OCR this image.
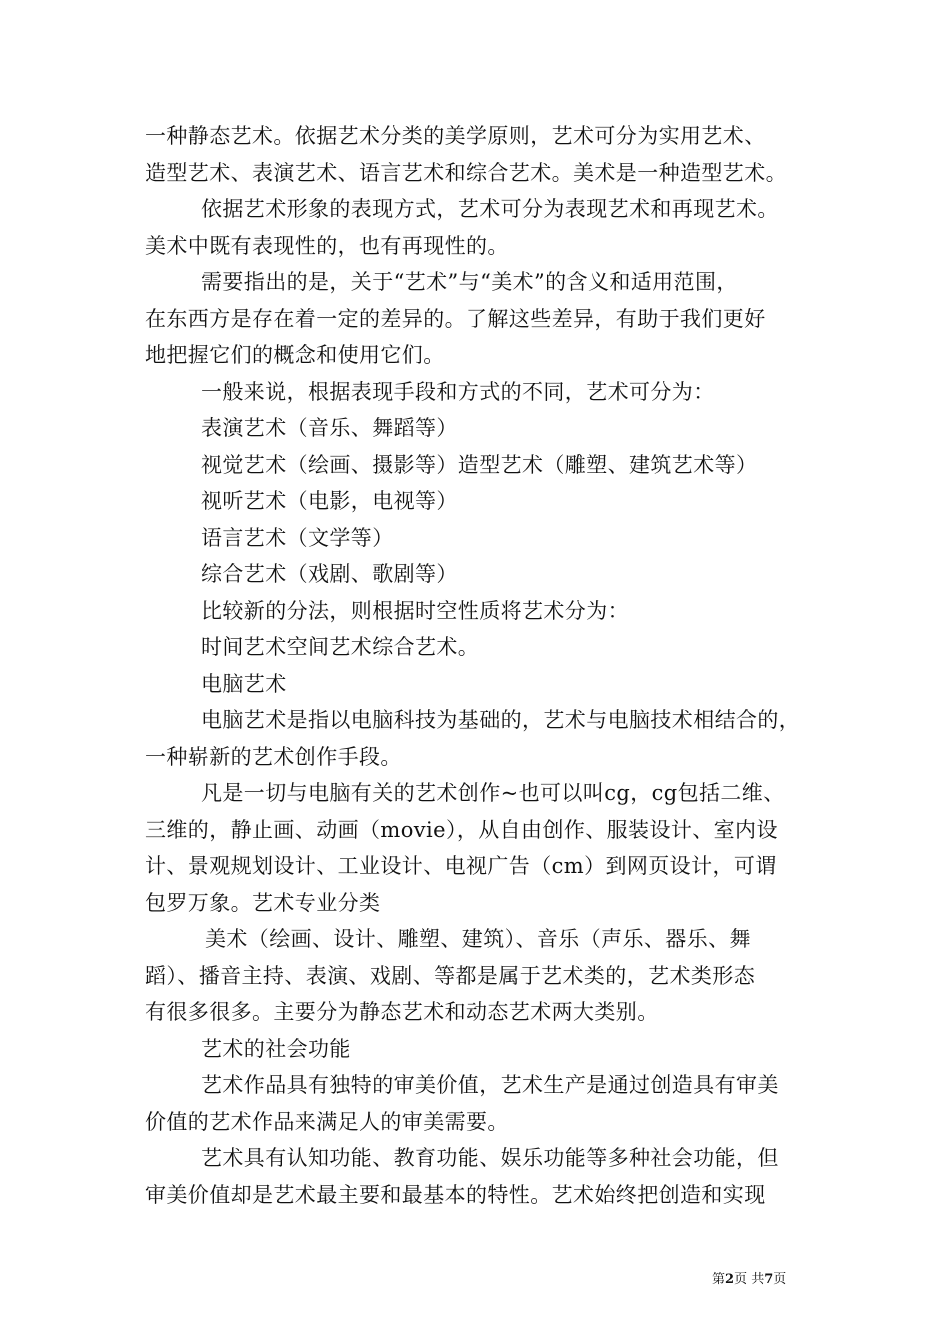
一种静态艺术。依据艺术分类的美学原则，艺术可分为实用艺术、
造型艺术、表演艺术、语言艺术和综合艺术。美术是一种造型艺术。
依据艺术形象的表现方式，艺术可分为表现艺术和再现艺术。
美术中既有表现性的，也有再现性的。
需要指出的是，关于“艺术”与“美术”的含义和适用范围，
在东西方是存在着一定的差异的。了解这些差异，有助于我们更好
地把握它们的概念和使用它们。
一般来说，根据表现手段和方式的不同，艺术可分为：
表演艺术（音乐、舞蹈等）
视觉艺术（绘画、摄影等）造型艺术（雕塑、建筑艺术等）
视听艺术（电影，电视等）
语言艺术（文学等）
综合艺术（戏剧、歌剧等）
比较新的分法，则根据时空性质将艺术分为：
时间艺术空间艺术综合艺术。
电脑艺术
电脑艺术是指以电脑科技为基础的，艺术与电脑技术相结合的，
一种崭新的艺术创作手段。
凡是一切与电脑有关的艺术创作~也可以叫cg，cg包括二维、
三维的，静止画、动画（movie），从自由创作、服装设计、室内设
计、景观规划设计、工业设计、电视广告（cm）到网页设计，可谓
包罗万象。艺术专业分类
美术（绘画、设计、雕塑、建筑）、音乐（声乐、器乐、舞
蹈）、播音主持、表演、戏剧、等都是属于艺术类的，艺术类形态
有很多很多。主要分为静态艺术和动态艺术两大类别。
艺术的社会功能
艺术作品具有独特的审美价值，艺术生产是通过创造具有审美
价值的艺术作品来满足人的审美需要。
艺术具有认知功能、教育功能、娱乐功能等多种社会功能，但
审美价值却是艺术最主要和最基本的特性。艺术始终把创造和实现
第2页 共7页
